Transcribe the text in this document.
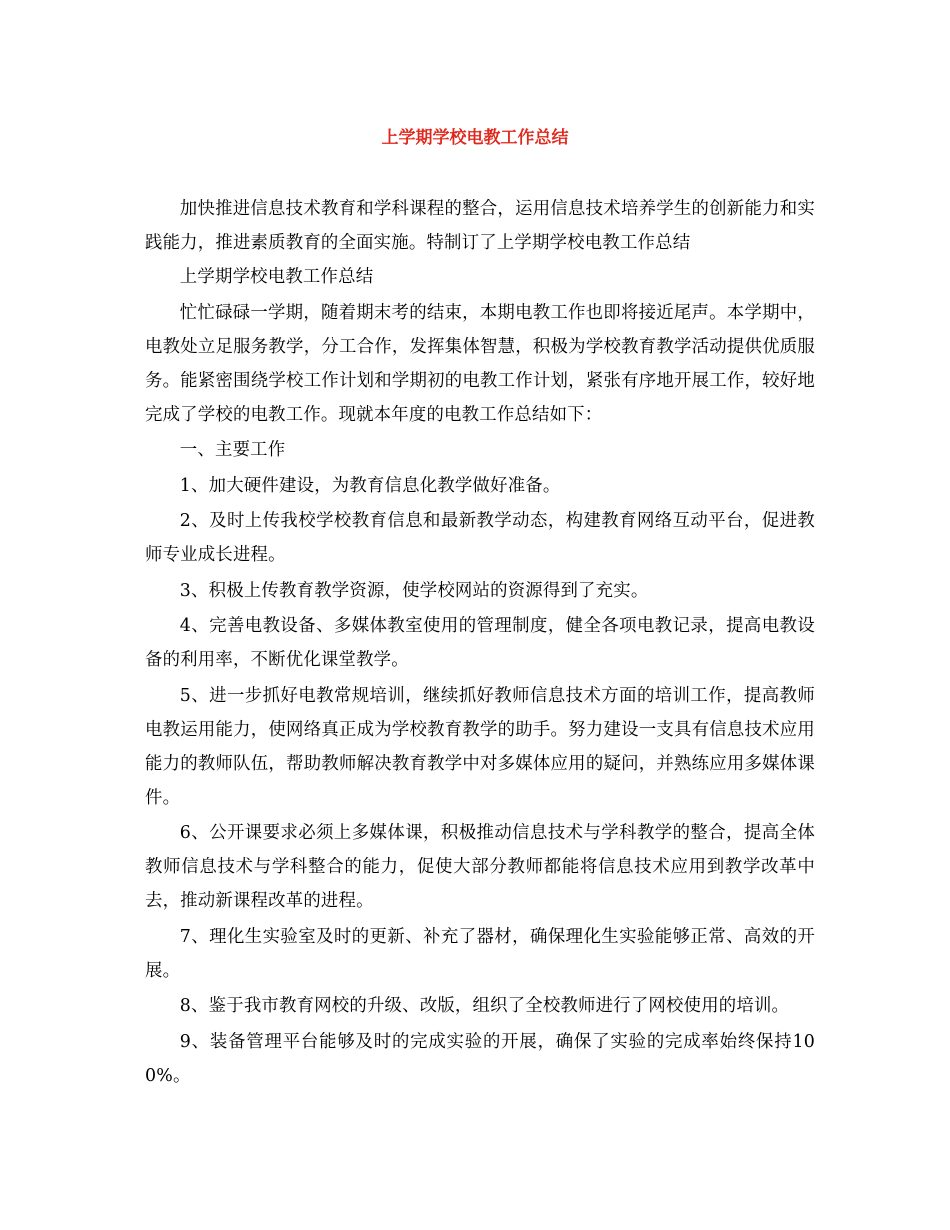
上学期学校电教工作总结

加快推进信息技术教育和学科课程的整合，运用信息技术培养学生的创新能力和实践能力，推进素质教育的全面实施。特制订了上学期学校电教工作总结

上学期学校电教工作总结

忙忙碌碌一学期，随着期末考的结束，本期电教工作也即将接近尾声。本学期中，电教处立足服务教学，分工合作，发挥集体智慧，积极为学校教育教学活动提供优质服务。能紧密围绕学校工作计划和学期初的电教工作计划，紧张有序地开展工作，较好地完成了学校的电教工作。现就本年度的电教工作总结如下：

一、主要工作

1、加大硬件建设，为教育信息化教学做好准备。

2、及时上传我校学校教育信息和最新教学动态，构建教育网络互动平台，促进教师专业成长进程。

3、积极上传教育教学资源，使学校网站的资源得到了充实。

4、完善电教设备、多媒体教室使用的管理制度，健全各项电教记录，提高电教设备的利用率，不断优化课堂教学。

5、进一步抓好电教常规培训，继续抓好教师信息技术方面的培训工作，提高教师电教运用能力，使网络真正成为学校教育教学的助手。努力建设一支具有信息技术应用能力的教师队伍，帮助教师解决教育教学中对多媒体应用的疑问，并熟练应用多媒体课件。

6、公开课要求必须上多媒体课，积极推动信息技术与学科教学的整合，提高全体教师信息技术与学科整合的能力，促使大部分教师都能将信息技术应用到教学改革中去，推动新课程改革的进程。

7、理化生实验室及时的更新、补充了器材，确保理化生实验能够正常、高效的开展。

8、鉴于我市教育网校的升级、改版，组织了全校教师进行了网校使用的培训。

9、装备管理平台能够及时的完成实验的开展，确保了实验的完成率始终保持100%。
